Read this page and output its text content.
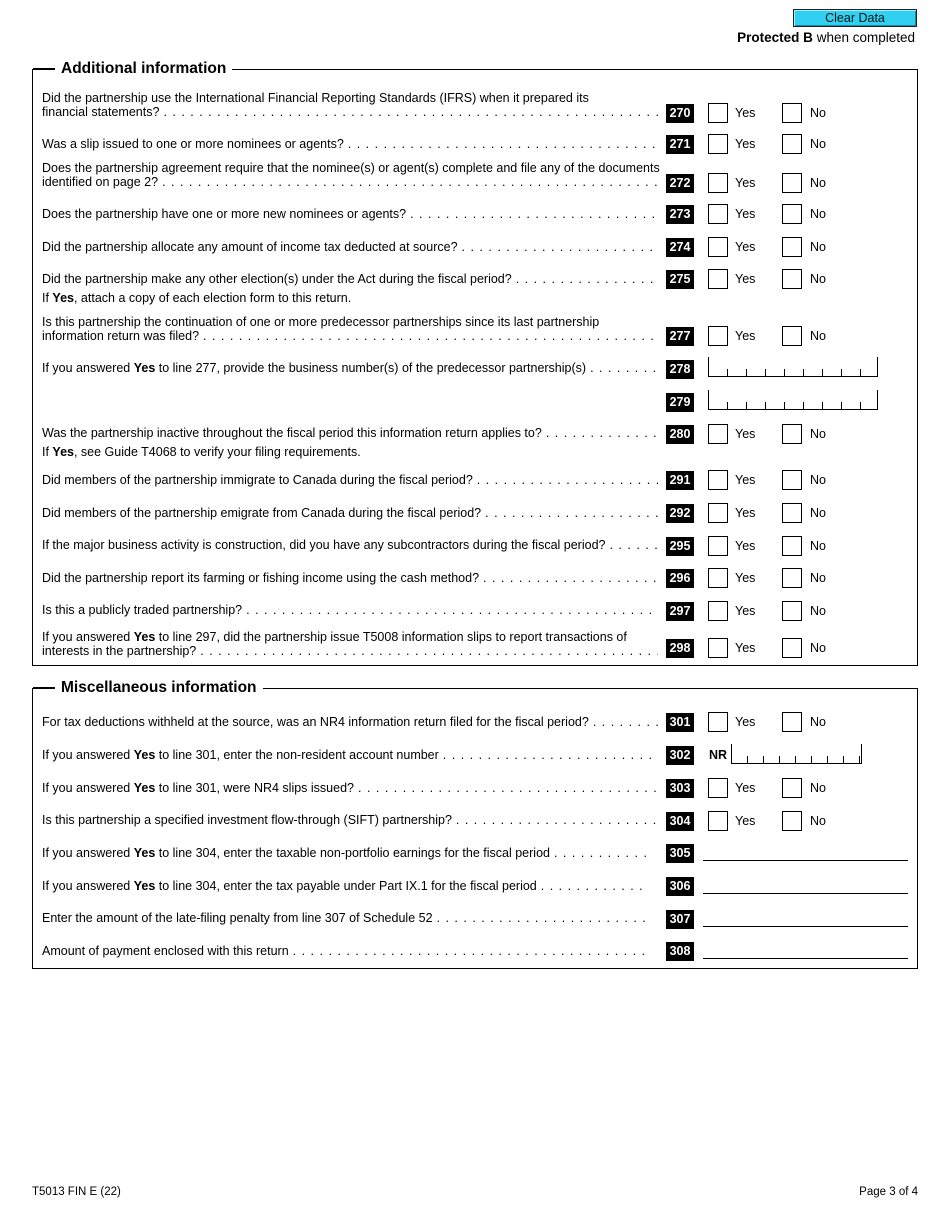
Clear Data
Protected B when completed
Additional information
Did the partnership use the International Financial Reporting Standards (IFRS) when it prepared its
financial statements? . . .	270	Yes	No
Was a slip issued to one or more nominees or agents? . . .	271	Yes	No
Does the partnership agreement require that the nominee(s) or agent(s) complete and file any of the documents
identified on page 2? . . .	272	Yes	No
Does the partnership have one or more new nominees or agents? . . .	273	Yes	No
Did the partnership allocate any amount of income tax deducted at source? . . .	274	Yes	No
Did the partnership make any other election(s) under the Act during the fiscal period?
. . .
If Yes, attach a copy of each election form to this return.
275	Yes	No
Is this partnership the continuation of one or more predecessor partnerships since its last partnership
information return was filed? . . .	277	Yes	No
If you answered Yes to line 277, provide the business number(s) of the predecessor partnership(s) . . .	278
279
Was the partnership inactive throughout the fiscal period this information return applies to?
. . .
If Yes, see Guide T4068 to verify your filing requirements.
280	Yes	No
Did members of the partnership immigrate to Canada during the fiscal period? . . .	291	Yes	No
Did members of the partnership emigrate from Canada during the fiscal period? . . .	292	Yes	No
If the major business activity is construction, did you have any subcontractors during the fiscal period? . . .	295	Yes	No
Did the partnership report its farming or fishing income using the cash method? . . .	296	Yes	No
Is this a publicly traded partnership? . . .	297	Yes	No
If you answered Yes to line 297, did the partnership issue T5008 information slips to report transactions of
interests in the partnership? . . .	298	Yes	No
Miscellaneous information
For tax deductions withheld at the source, was an NR4 information return filed for the fiscal period? . . .	301	Yes	No
If you answered Yes to line 301, enter the non-resident account number . . .	302 NR
If you answered Yes to line 301, were NR4 slips issued? . . .	303	Yes	No
Is this partnership a specified investment flow-through (SIFT) partnership? . . .	304	Yes	No
If you answered Yes to line 304, enter the taxable non-portfolio earnings for the fiscal period . . .	305
If you answered Yes to line 304, enter the tax payable under Part IX.1 for the fiscal period . . .	306
Enter the amount of the late-filing penalty from line 307 of Schedule 52 . . .	307
Amount of payment enclosed with this return . . .	308
T5013 FIN E (22)	Page 3 of 4
